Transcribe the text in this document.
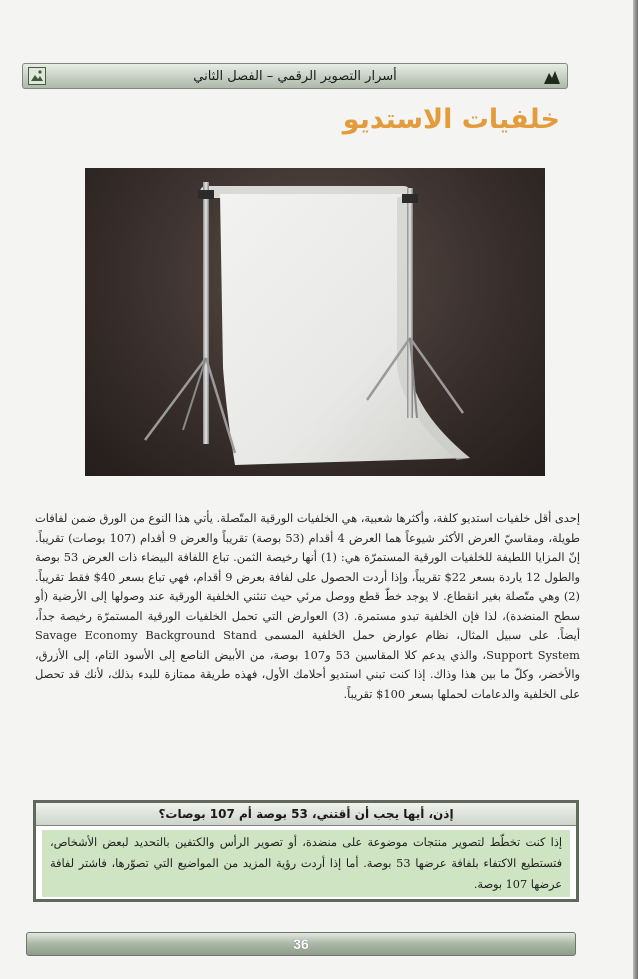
أسرار التصوير الرقمي – الفصل الثاني
خلفيات الاستديو
إحدى أقل خلفيات استديو كلفة، وأكثرها شعبية، هي الخلفيات الورقية المتّصلة. يأتي هذا النوع من الورق ضمن لفافات طويلة، ومقاسيّ العرض الأكثر شيوعاً هما العرض 4 أقدام (53 بوصة) تقريباً والعرض 9 أقدام (107 بوصات) تقريباً. إنّ المزايا اللطيفة للخلفيات الورقية المستمرّة هي: (1) أنها رخيصة الثمن. تباع اللفافة البيضاء ذات العرض 53 بوصة والطول 12 ياردة بسعر 22$ تقريباً، وإذا أردت الحصول على لفافة بعرض 9 أقدام، فهي تباع بسعر 40$ فقط تقريباً. (2) وهي متّصلة بغير انقطاع. لا يوجد خطّ قطع ووصل مرئي حيث تنثني الخلفية الورقية عند وصولها إلى الأرضية (أو سطح المنضدة)، لذا فإن الخلفية تبدو مستمرة. (3) العوارض التي تحمل الخلفيات الورقية المستمرّة رخيصة جداً، أيضاً. على سبيل المثال، نظام عوارض حمل الخلفية المسمى Savage Economy Background Stand Support System، والذي يدعم كلا المقاسين 53 و107 بوصة، من الأبيض الناصع إلى الأسود التام، إلى الأزرق، والأخضر، وكلّ ما بين هذا وذاك. إذا كنت تبني استديو أحلامك الأول، فهذه طريقة ممتازة للبدء بذلك، لأنك قد تحصل على الخلفية والدعامات لحملها بسعر 100$ تقريباً.
إذن، أيها يجب أن أقتني، 53 بوصة أم 107 بوصات؟
إذا كنت تخطّط لتصوير منتجات موضوعة على منضدة، أو تصوير الرأس والكتفين بالتحديد لبعض الأشخاص، فتستطيع الاكتفاء بلفافة عرضها 53 بوصة. أما إذا أردت رؤية المزيد من المواضيع التي تصوّرها، فاشتر لفافة عرضها 107 بوصة.
36
